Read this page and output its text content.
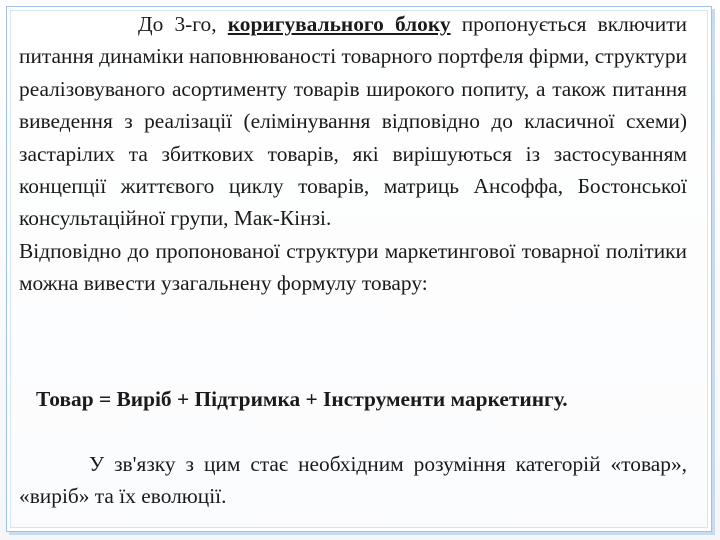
До 3-го, коригувального блоку пропонується включити питання динаміки наповнюваності товарного портфеля фірми, структури реалізовуваного асортименту товарів широкого попиту, а також питання виведення з реалізації (елімінування відповідно до класичної схеми) застарілих та збиткових товарів, які вирішуються із застосуванням концепції життєвого циклу товарів, матриць Ансоффа, Бостонської консультаційної групи, Мак-Кінзі.

Відповідно до пропонованої структури маркетингової товарної політики можна вивести узагальнену формулу товару:

Товар = Виріб + Підтримка + Інструменти маркетингу.

У зв'язку з цим стає необхідним розуміння категорій «товар», «виріб» та їх еволюції.
